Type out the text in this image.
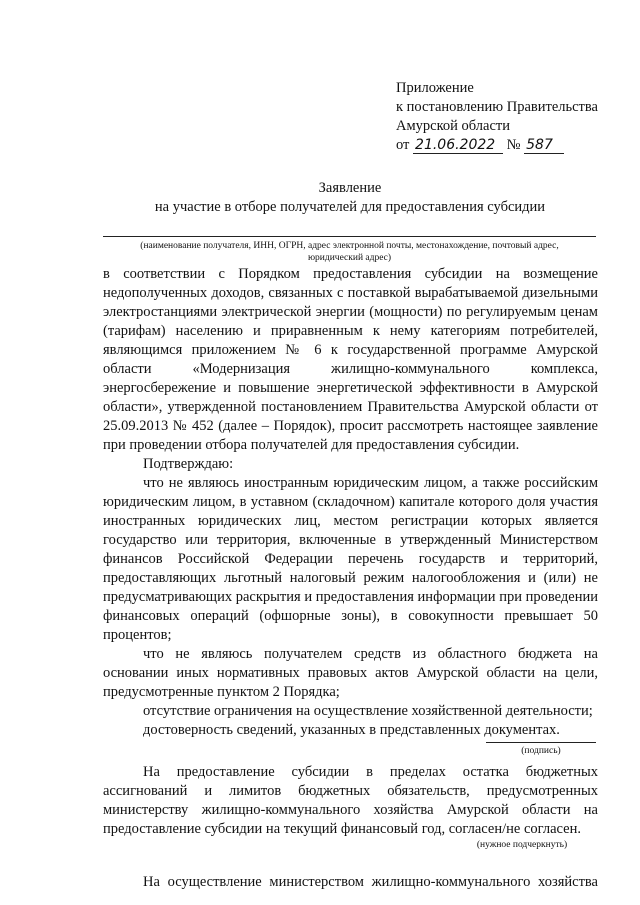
Приложение
к постановлению Правительства
Амурской области
от 21.06.2022 № 587
Заявление
на участие в отборе получателей для предоставления субсидии
(наименование получателя, ИНН, ОГРН, адрес электронной почты, местонахождение, почтовый адрес,
юридический адрес)
в соответствии с Порядком предоставления субсидии на возмещение
недополученных доходов, связанных с поставкой вырабатываемой дизельными
электростанциями электрической энергии (мощности) по регулируемым ценам
(тарифам) населению и приравненным к нему категориям потребителей,
являющимся приложением № 6 к государственной программе Амурской
области «Модернизация жилищно-коммунального комплекса,
энергосбережение и повышение энергетической эффективности в Амурской
области», утвержденной постановлением Правительства Амурской области от
25.09.2013 № 452 (далее – Порядок), просит рассмотреть настоящее заявление
при проведении отбора получателей для предоставления субсидии.
Подтверждаю:
что не являюсь иностранным юридическим лицом, а также российским
юридическим лицом, в уставном (складочном) капитале которого доля участия
иностранных юридических лиц, местом регистрации которых является
государство или территория, включенные в утвержденный Министерством
финансов Российской Федерации перечень государств и территорий,
предоставляющих льготный налоговый режим налогообложения и (или) не
предусматривающих раскрытия и предоставления информации при проведении
финансовых операций (офшорные зоны), в совокупности превышает 50
процентов;
что не являюсь получателем средств из областного бюджета на
основании иных нормативных правовых актов Амурской области на цели,
предусмотренные пунктом 2 Порядка;
отсутствие ограничения на осуществление хозяйственной деятельности;
достоверность сведений, указанных в представленных документах.
(подпись)
На предоставление субсидии в пределах остатка бюджетных
ассигнований и лимитов бюджетных обязательств, предусмотренных
министерству жилищно-коммунального хозяйства Амурской области на
предоставление субсидии на текущий финансовый год, согласен/не согласен.
(нужное подчеркнуть)
На осуществление министерством жилищно-коммунального хозяйства
